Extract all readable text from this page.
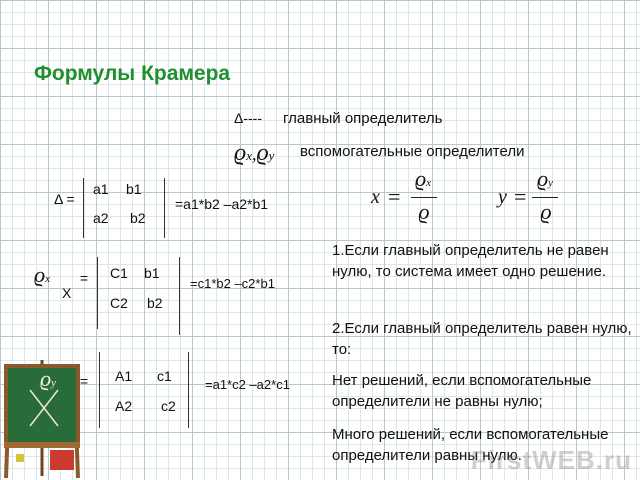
Формулы Крамера
Δ---- главный определитель
ϱx,ϱy вспомогательные определители
Δ =
a1 b1
a2 b2
=a1*b2 –a2*b1	x =
ϱx
ϱ
y =
ϱy
ϱ
ϱx
X
= C1 b1
C2 b2
=c1*b2 –c2*b1
ϱy = A1 c1
A2 c2
=a1*c2 –a2*c1
1.Если главный определитель не равен нулю, то система имеет одно решение.
2.Если главный определитель равен нулю, то:
Нет решений, если вспомогательные определители не равны нулю;
Много решений, если вспомогательные определители равны нулю.
FirstWEB.ru
